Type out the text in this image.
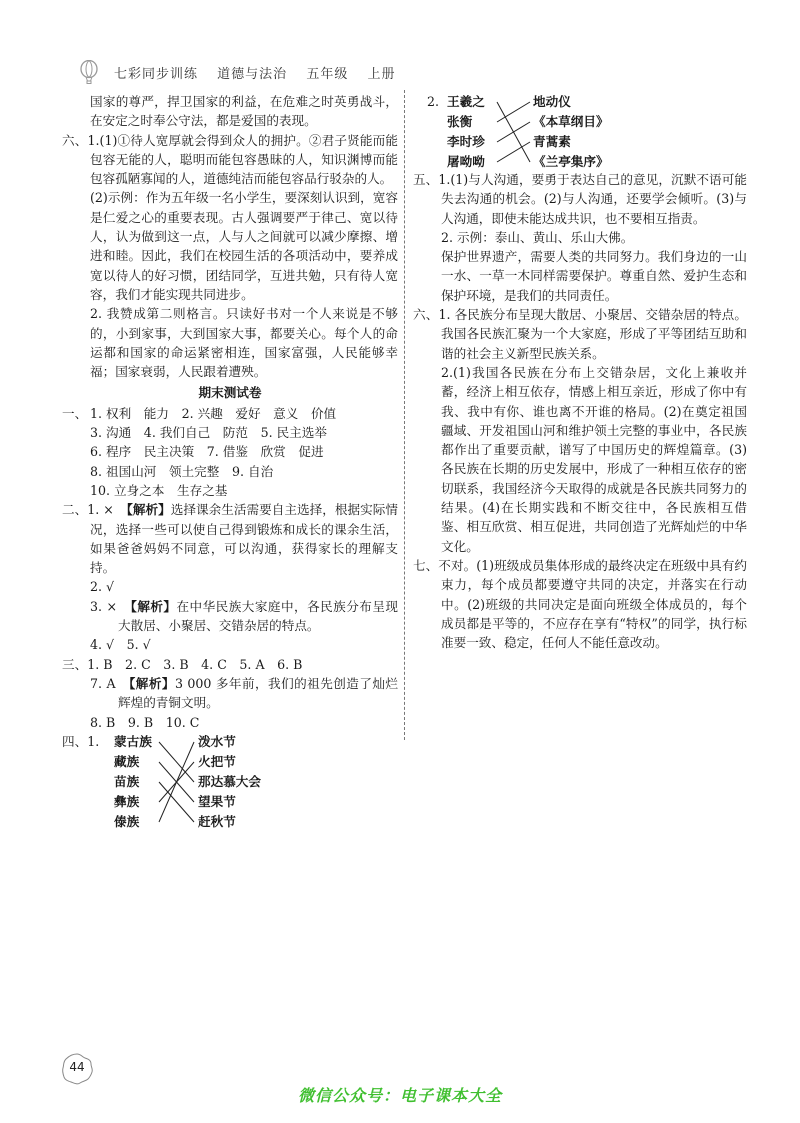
七彩同步训练 道德与法治 五年级 上册

国家的尊严，捍卫国家的利益，在危难之时英勇战斗，在安定之时奉公守法，都是爱国的表现。

六、1.(1)①待人宽厚就会得到众人的拥护。②君子贤能而能包容无能的人，聪明而能包容愚昧的人，知识渊博而能包容孤陋寡闻的人，道德纯洁而能包容品行驳杂的人。

(2)示例：作为五年级一名小学生，要深刻认识到，宽容是仁爱之心的重要表现。古人强调要严于律己、宽以待人，认为做到这一点，人与人之间就可以减少摩擦、增进和睦。因此，我们在校园生活的各项活动中，要养成宽以待人的好习惯，团结同学，互进共勉，只有待人宽容，我们才能实现共同进步。

2. 我赞成第二则格言。只读好书对一个人来说是不够的，小到家事，大到国家大事，都要关心。每个人的命运都和国家的命运紧密相连，国家富强，人民能够幸福；国家衰弱，人民跟着遭殃。

期末测试卷
一、 1. 权利　能力　2. 兴趣　爱好　意义　价值
3. 沟通　4. 我们自己　防范　5. 民主选举
6. 程序　民主决策　7. 借鉴　欣赏　促进
8. 祖国山河　领土完整　9. 自治
10. 立身之本　生存之基

二、1. ×　【解析】选择课余生活需要自主选择，根据实际情况，选择一些可以使自己得到锻炼和成长的课余生活，如果爸爸妈妈不同意，可以沟通，获得家长的理解支持。

2. √

3. ×　【解析】在中华民族大家庭中，各民族分布呈现大散居、小聚居、交错杂居的特点。

4. √　5. √

三、1. B　2. C　3. B　4. C　5. A　6. B

7. A　【解析】3 000 多年前，我们的祖先创造了灿烂辉煌的青铜文明。

8. B　9. B　10. C

四、1. 蒙古族
藏族
苗族
彝族
傣族
泼水节
火把节
那达慕大会
望果节
赶秋节
2. 王羲之
张衡
李时珍
屠呦呦
地动仪
《本草纲目》
青蒿素
《兰亭集序》

五、1.(1)与人沟通，要勇于表达自己的意见，沉默不语可能失去沟通的机会。(2)与人沟通，还要学会倾听。(3)与人沟通，即使未能达成共识，也不要相互指责。

2. 示例：泰山、黄山、乐山大佛。

保护世界遗产，需要人类的共同努力。我们身边的一山一水、一草一木同样需要保护。尊重自然、爱护生态和保护环境，是我们的共同责任。

六、1. 各民族分布呈现大散居、小聚居、交错杂居的特点。我国各民族汇聚为一个大家庭，形成了平等团结互助和谐的社会主义新型民族关系。

2.(1)我国各民族在分布上交错杂居，文化上兼收并蓄，经济上相互依存，情感上相互亲近，形成了你中有我、我中有你、谁也离不开谁的格局。(2)在奠定祖国疆域、开发祖国山河和维护领土完整的事业中，各民族都作出了重要贡献，谱写了中国历史的辉煌篇章。(3)各民族在长期的历史发展中，形成了一种相互依存的密切联系，我国经济今天取得的成就是各民族共同努力的结果。(4)在长期实践和不断交往中，各民族相互借鉴、相互欣赏、相互促进，共同创造了光辉灿烂的中华文化。

七、不对。(1)班级成员集体形成的最终决定在班级中具有约束力，每个成员都要遵守共同的决定，并落实在行动中。(2)班级的共同决定是面向班级全体成员的，每个成员都是平等的，不应存在享有“特权”的同学，执行标准要一致、稳定，任何人不能任意改动。

44
微信公众号：电子课本大全
